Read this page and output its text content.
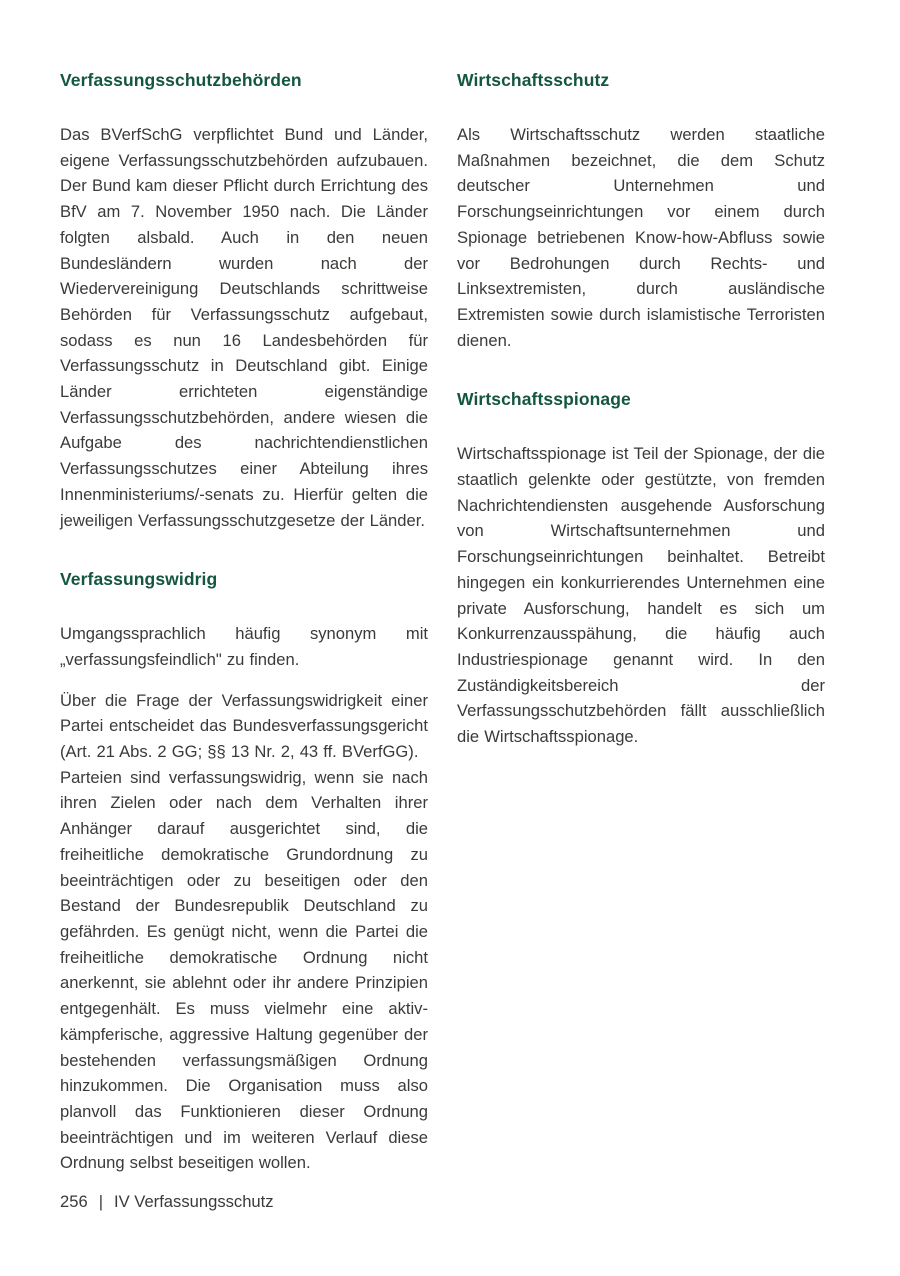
Verfassungsschutzbehörden

Das BVerfSchG verpflichtet Bund und Länder, eigene Verfassungsschutzbehörden aufzubauen. Der Bund kam dieser Pflicht durch Errichtung des BfV am 7. November 1950 nach. Die Länder folgten alsbald. Auch in den neuen Bundesländern wurden nach der Wiedervereinigung Deutschlands schrittweise Behörden für Verfassungsschutz aufgebaut, sodass es nun 16 Landesbehörden für Verfassungsschutz in Deutschland gibt. Einige Länder errichteten eigenständige Verfassungsschutzbehörden, andere wiesen die Aufgabe des nachrichtendienstlichen Verfassungsschutzes einer Abteilung ihres Innenministeriums/-senats zu. Hierfür gelten die jeweiligen Verfassungsschutzgesetze der Länder.

Verfassungswidrig

Umgangssprachlich häufig synonym mit „verfassungsfeindlich" zu finden.

Über die Frage der Verfassungswidrigkeit einer Partei entscheidet das Bundesverfassungsgericht (Art. 21 Abs. 2 GG; §§ 13 Nr. 2, 43 ff. BVerfGG).

Parteien sind verfassungswidrig, wenn sie nach ihren Zielen oder nach dem Verhalten ihrer Anhänger darauf ausgerichtet sind, die freiheitliche demokratische Grundordnung zu beeinträchtigen oder zu beseitigen oder den Bestand der Bundesrepublik Deutschland zu gefährden. Es genügt nicht, wenn die Partei die freiheitliche demokratische Ordnung nicht anerkennt, sie ablehnt oder ihr andere Prinzipien entgegenhält. Es muss vielmehr eine aktiv-kämpferische, aggressive Haltung gegenüber der bestehenden verfassungsmäßigen Ordnung hinzukommen. Die Organisation muss also planvoll das Funktionieren dieser Ordnung beeinträchtigen und im weiteren Verlauf diese Ordnung selbst beseitigen wollen.

Wirtschaftsschutz

Als Wirtschaftsschutz werden staatliche Maßnahmen bezeichnet, die dem Schutz deutscher Unternehmen und Forschungseinrichtungen vor einem durch Spionage betriebenen Know-how-Abfluss sowie vor Bedrohungen durch Rechts- und Linksextremisten, durch ausländische Extremisten sowie durch islamistische Terroristen dienen.

Wirtschaftsspionage

Wirtschaftsspionage ist Teil der Spionage, der die staatlich gelenkte oder gestützte, von fremden Nachrichtendiensten ausgehende Ausforschung von Wirtschaftsunternehmen und Forschungseinrichtungen beinhaltet. Betreibt hingegen ein konkurrierendes Unternehmen eine private Ausforschung, handelt es sich um Konkurrenzausspähung, die häufig auch Industriespionage genannt wird. In den Zuständigkeitsbereich der Verfassungsschutzbehörden fällt ausschließlich die Wirtschaftsspionage.

256 | IV Verfassungsschutz
